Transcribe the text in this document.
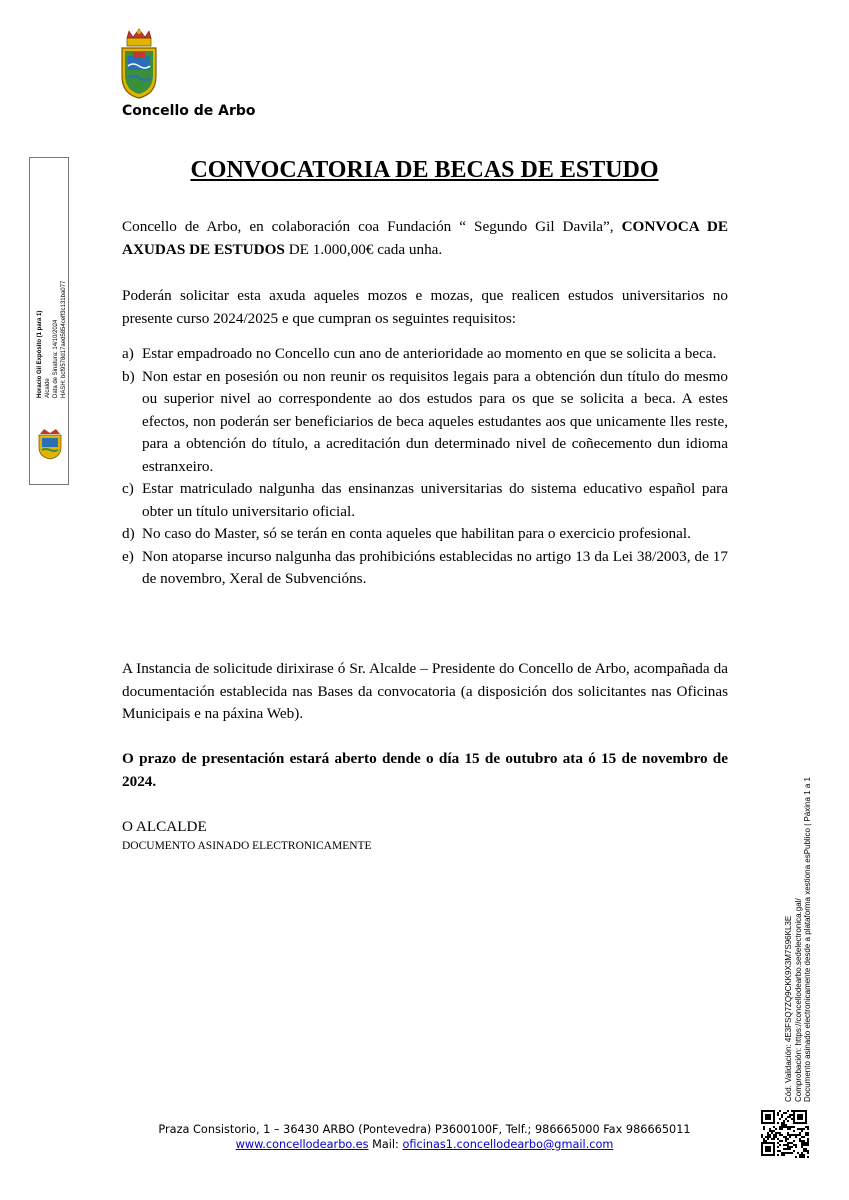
Concello de Arbo
Horacio Gil Expósito (1 para 1) Alcalde Data de Sinatura: 14/10/2024 HASH: bcf9578d17aed5854ceff3c131ba077
CONVOCATORIA DE BECAS DE ESTUDO
Concello de Arbo, en colaboración coa Fundación “ Segundo Gil Davila”, CONVOCA DE AXUDAS DE ESTUDOS DE 1.000,00€ cada unha.
Poderán solicitar esta axuda aqueles mozos e mozas, que realicen estudos universitarios no presente curso 2024/2025 e que cumpran os seguintes requisitos:
a) Estar empadroado no Concello cun ano de anterioridade ao momento en que se solicita a beca.
b) Non estar en posesión ou non reunir os requisitos legais para a obtención dun título do mesmo ou superior nivel ao correspondente ao dos estudos para os que se solicita a beca. A estes efectos, non poderán ser beneficiarios de beca aqueles estudantes aos que unicamente lles reste, para a obtención do título, a acreditación dun determinado nivel de coñecemento dun idioma estranxeiro.
c) Estar matriculado nalgunha das ensinanzas universitarias do sistema educativo español para obter un título universitario oficial.
d) No caso do Master, só se terán en conta aqueles que habilitan para o exercicio profesional.
e) Non atoparse incurso nalgunha das prohibicións establecidas no artigo 13 da Lei 38/2003, de 17 de novembro, Xeral de Subvencións.
A Instancia de solicitude dirixirase ó Sr. Alcalde – Presidente do Concello de Arbo, acompañada da documentación establecida nas Bases da convocatoria (a disposición dos solicitantes nas Oficinas Municipais e na páxina Web).
O prazo de presentación estará aberto dende o día 15 de outubro ata ó 15 de novembro de 2024.
O ALCALDE
DOCUMENTO ASINADO ELECTRONICAMENTE
Cód. Validación: 4E3FSQ7ZQ9CKK9X3M7S96KL3E Comprobación: https://concellodearbo.sedelectronica.gal/ Documento asinado electronicamente desde a plataforma xestiona esPublico | Páxina 1 a 1
Praza Consistorio, 1 – 36430 ARBO (Pontevedra) P3600100F, Telf.; 986665000 Fax 986665011
www.concellodearbo.es Mail: oficinas1.concellodearbo@gmail.com
